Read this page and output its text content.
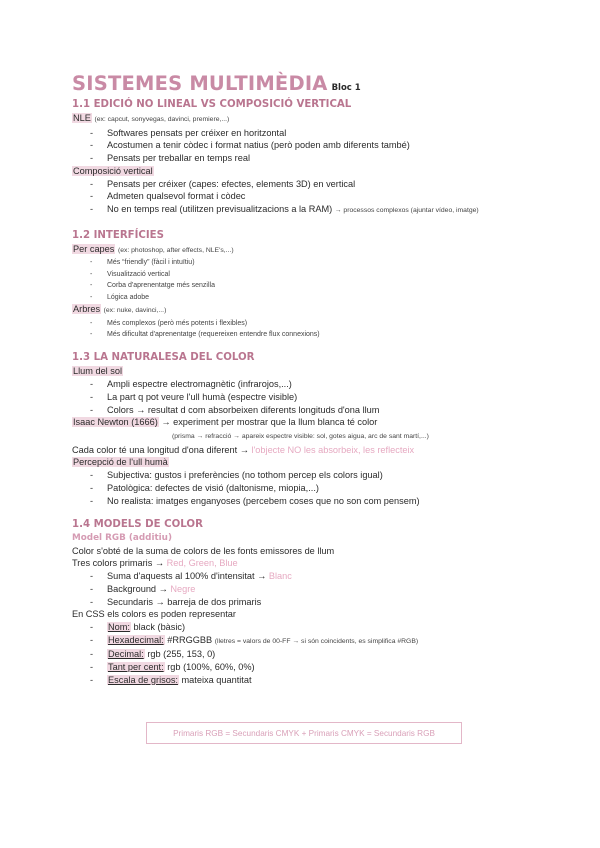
SISTEMES MULTIMÈDIA Bloc 1
1.1 EDICIÓ NO LINEAL VS COMPOSICIÓ VERTICAL

NLE (ex: capcut, sonyvegas, davinci, premiere,...)

- Softwares pensats per créixer en horitzontal
- Acostumen a tenir còdec i format natius (però poden amb diferents també)
- Pensats per treballar en temps real

Composició vertical

- Pensats per créixer (capes: efectes, elements 3D) en vertical
- Admeten qualsevol format i còdec
- No en temps real (utilitzen previsualitzacions a la RAM) → processos complexos (ajuntar vídeo, imatge)
1.2 INTERFÍCIES

Per capes (ex: photoshop, after effects, NLE's,...)

- Més “friendly” (fàcil i intuïtiu)
- Visualització vertical
- Corba d'aprenentatge més senzilla
- Lógica adobe

Arbres (ex: nuke, davinci,...)

- Més complexos (però més potents i flexibles)
- Més dificultat d'aprenentatge (requereixen entendre flux connexions)
1.3 LA NATURALESA DEL COLOR

Llum del sol

- Ampli espectre electromagnètic (infrarojos,...)
- La part q pot veure l'ull humà (espectre visible)
- Colors → resultat d com absorbeixen diferents longituds d'ona llum

Isaac Newton (1666) → experiment per mostrar que la llum blanca té color

(prisma → refracció → apareix espectre visible: sol, gotes aigua, arc de sant martí,...)

Cada color té una longitud d'ona diferent → l'objecte NO les absorbeix, les reflecteix

Percepció de l'ull humà

- Subjectiva: gustos i preferències (no tothom percep els colors igual)
- Patològica: defectes de visió (daltonisme, miopia,...)
- No realista: imatges enganyoses (percebem coses que no son com pensem)
1.4 MODELS DE COLOR

Model RGB (additiu)

Color s'obté de la suma de colors de les fonts emissores de llum

Tres colors primaris → Red, Green, Blue

- Suma d'aquests al 100% d'intensitat → Blanc
- Background → Negre
- Secundaris → barreja de dos primaris

En CSS els colors es poden representar

- Nom: black (bàsic)
- Hexadecimal: #RRGGBB (lletres = valors de 00-FF → si són coincidents, es simplifica #RGB)
- Decimal: rgb (255, 153, 0)
- Tant per cent: rgb (100%, 60%, 0%)
- Escala de grisos: mateixa quantitat
Primaris RGB = Secundaris CMYK + Primaris CMYK = Secundaris RGB
